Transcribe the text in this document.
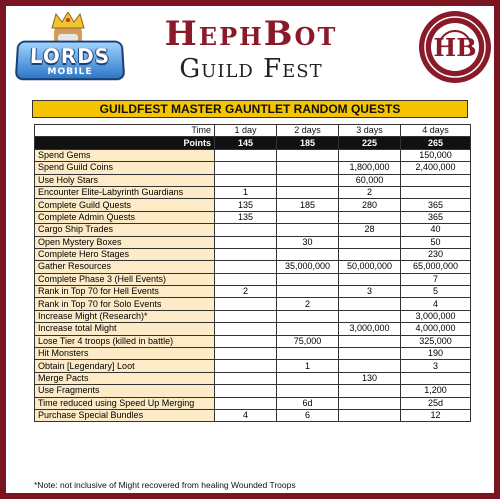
LORDS
MOBILE
HephBot
Guild Fest
HB
GUILDFEST MASTER GAUNTLET RANDOM QUESTS
Time	1 day	2 days	3 days	4 days
Points	145	185	225	265
Spend Gems				150,000
Spend Guild Coins			1,800,000	2,400,000
Use Holy Stars			60,000	
Encounter Elite-Labyrinth Guardians	1		2	
Complete Guild Quests	135	185	280	365
Complete Admin Quests	135			365
Cargo Ship Trades			28	40
Open Mystery Boxes		30		50
Complete Hero Stages				230
Gather Resources		35,000,000	50,000,000	65,000,000
Complete Phase 3 (Hell Events)				7
Rank in Top 70 for Hell Events	2		3	5
Rank in Top 70 for Solo Events		2		4
Increase Might (Research)*				3,000,000
Increase total Might			3,000,000	4,000,000
Lose Tier 4 troops (killed in battle)		75,000		325,000
Hit Monsters				190
Obtain [Legendary] Loot		1		3
Merge Pacts			130	
Use Fragments				1,200
Time reduced using Speed Up Merging		6d		25d
Purchase Special Bundles	4	6		12
*Note: not inclusive of Might recovered from healing Wounded Troops
